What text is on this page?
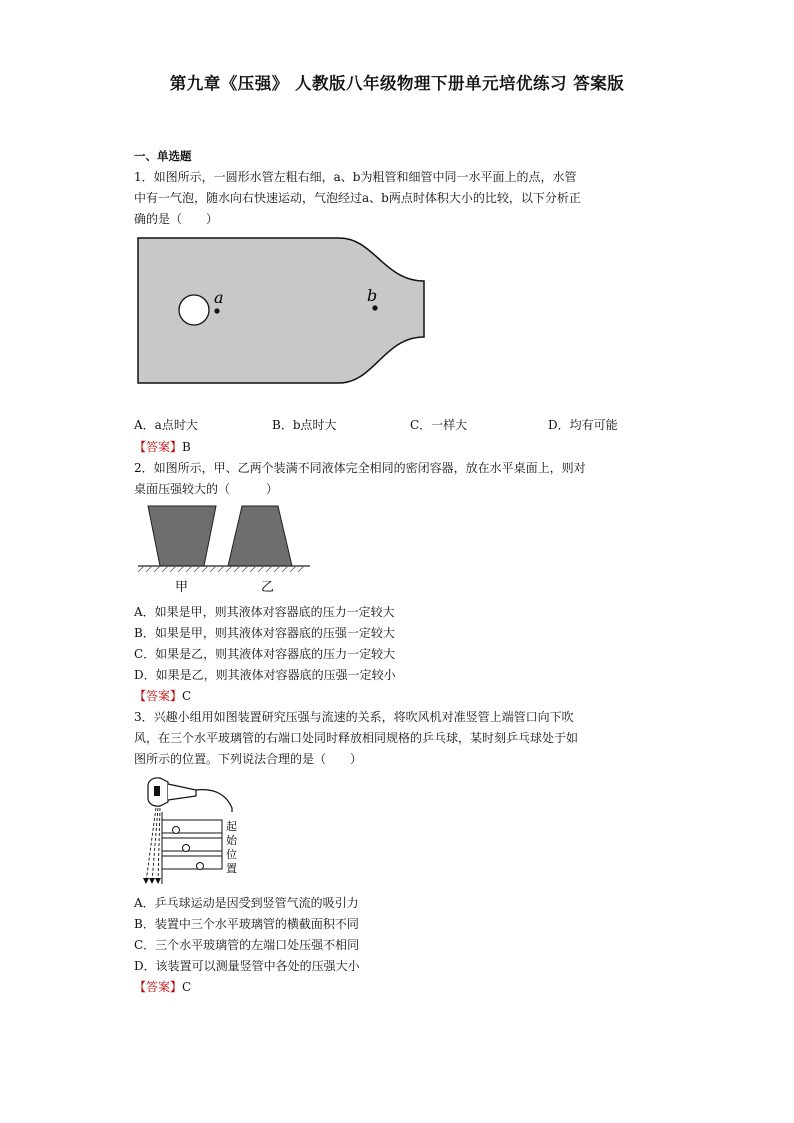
第九章《压强》 人教版八年级物理下册单元培优练习 答案版
一、单选题
1．如图所示，一圆形水管左粗右细，a、b为粗管和细管中同一水平面上的点，水管
中有一气泡，随水向右快速运动，气泡经过a、b两点时体积大小的比较，以下分析正
确的是（　　）
a	b
A．a点时大	B．b点时大	C．一样大	D．均有可能
【答案】B
2．如图所示，甲、乙两个装满不同液体完全相同的密闭容器，放在水平桌面上，则对
桌面压强较大的（　　　）
甲	乙
A．如果是甲，则其液体对容器底的压力一定较大
B．如果是甲，则其液体对容器底的压强一定较大
C．如果是乙，则其液体对容器底的压力一定较大
D．如果是乙，则其液体对容器底的压强一定较小
【答案】C
3．兴趣小组用如图装置研究压强与流速的关系，将吹风机对准竖管上端管口向下吹
风，在三个水平玻璃管的右端口处同时释放相同规格的乒乓球，某时刻乒乓球处于如
图所示的位置。下列说法合理的是（　　）
起
始
位
置
A．乒乓球运动是因受到竖管气流的吸引力
B．装置中三个水平玻璃管的横截面积不同
C．三个水平玻璃管的左端口处压强不相同
D．该装置可以测量竖管中各处的压强大小
【答案】C
